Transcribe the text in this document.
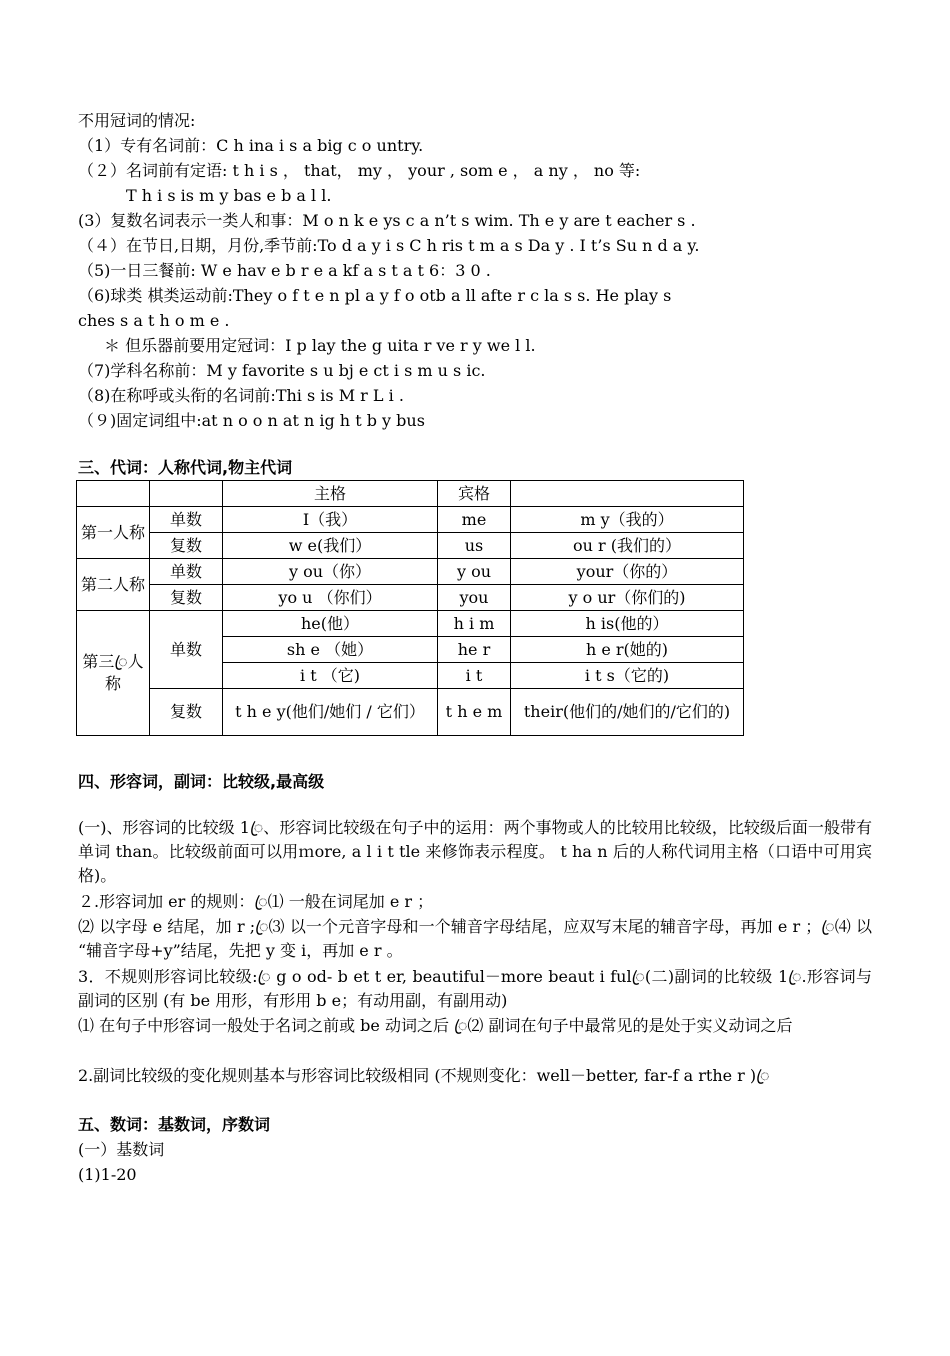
不用冠词的情况:
（1）专有名词前：C h ina i s a big c o untry.
（２）名词前有定语: t h i s ， that， my ， your , som e ， a ny ， no 等:
T h i s is m y bas e b a l l.
(3）复数名词表示一类人和事：M o n k e ys c a n’t s wim. Th e y are t eacher s .
（４）在节日,日期，月份,季节前:To d a y i s C h ris t m a s Da y . I t’s Su n d a y.
（5)一日三餐前: W e hav e b r e a kf a s t a t 6：3 0 .
（6)球类 棋类运动前:They o f t e n pl a y f o otb a ll afte r c la s s. He play s
ches s a t h o m e .
＊ 但乐器前要用定冠词：I p lay the g uita r ve r y we l l.
（7)学科名称前：M y favorite s u bj e ct i s m u s ic.
（8)在称呼或头衔的名词前:Thi s is M r L i .
（９)固定词组中:at n o o n at n ig h t b y bus
三、代词：人称代词,物主代词
		主格	宾格	
第一人称	单数	I（我）	me	m y（我的）
	复数	w e(我们）	us	ou r (我们的）
第二人称	单数	y ou（你）	y ou	your（你的）
	复数	yo u （你们）	you	y o ur（你们的)
第三ꦿ人称	单数	he(他）	h i m	h is(他的）
		sh e （她）	he r	h e r(她的)
		i t （它)	i t	i t s（它的)
	复数	t h e y(他们/她们 / 它们）	t h e m	their(他们的/她们的/它们的)
四、形容词，副词：比较级,最高级
(一)、形容词的比较级 1ꦿ、形容词比较级在句子中的运用：两个事物或人的比较用比较级，比较级后面一般带有单词 than。比较级前面可以用ｍore, a l i t tle 来修饰表示程度。 t ha n 后的人称代词用主格（口语中可用宾格)。
２.形容词加 er 的规则：ꦿ⑴ 一般在词尾加 e r ；
⑵ 以字母 e 结尾，加 r ;ꦿ⑶ 以一个元音字母和一个辅音字母结尾，应双写末尾的辅音字母，再加 e r ；ꦿ⑷ 以 “辅音字母+y”结尾，先把 y 变 i，再加 e r 。
3．不规则形容词比较级:ꦿ g o od- b et t er, beautiful－more beaut i fulꦿ(二)副词的比较级 1ꦿ.形容词与副词的区别 (有 be 用形，有形用 b e；有动用副，有副用动)
⑴ 在句子中形容词一般处于名词之前或 be 动词之后 ꦿ⑵ 副词在句子中最常见的是处于实义动词之后
2.副词比较级的变化规则基本与形容词比较级相同 (不规则变化：well－better, far-f a rthe r )ꦿ
五、数词：基数词，序数词
(一）基数词
(1)1-20
